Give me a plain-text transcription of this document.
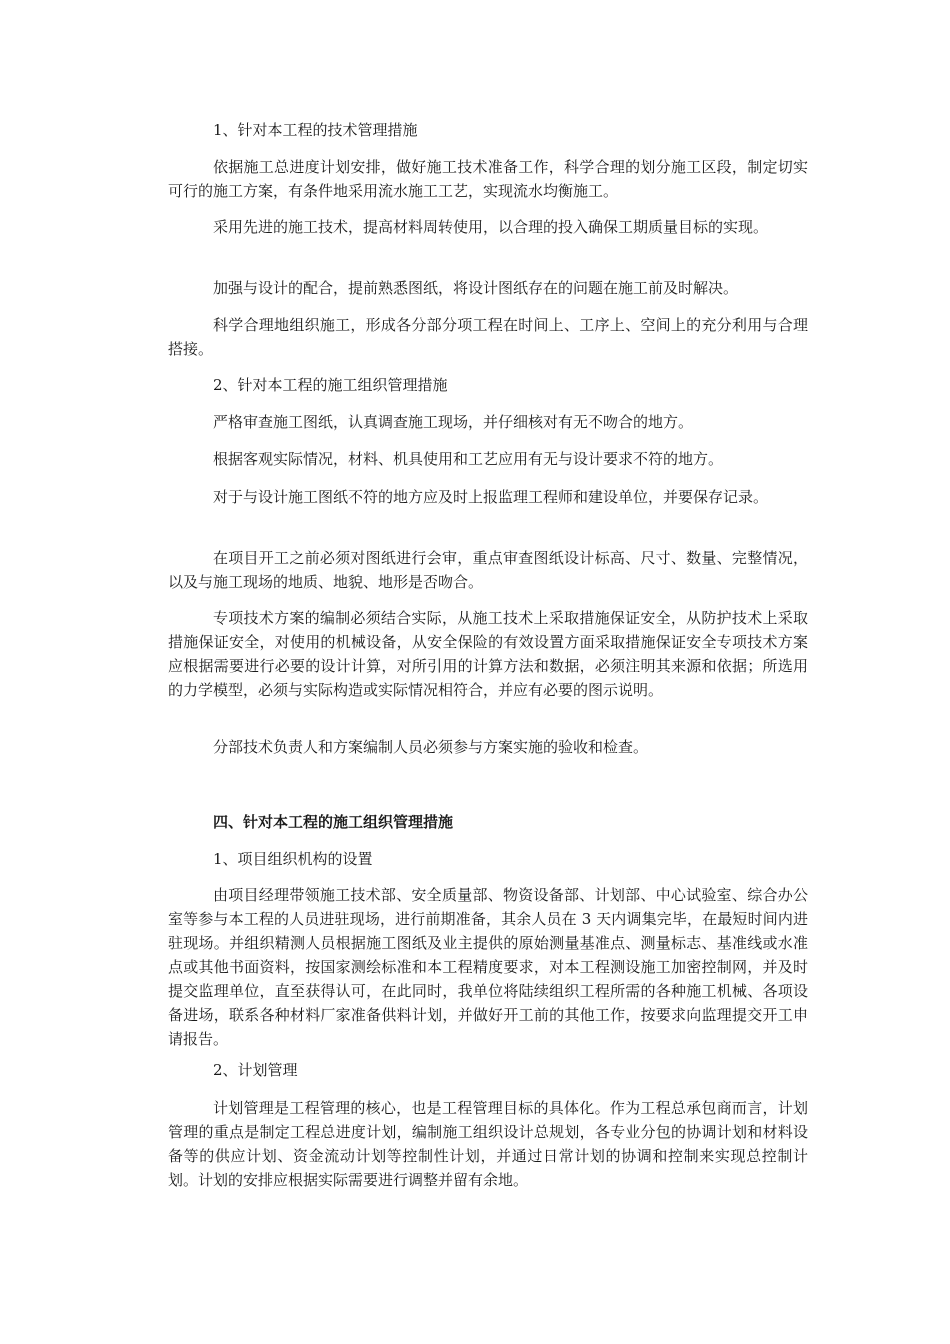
1、针对本工程的技术管理措施

依据施工总进度计划安排，做好施工技术准备工作，科学合理的划分施工区段，制定切实可行的施工方案，有条件地采用流水施工工艺，实现流水均衡施工。

采用先进的施工技术，提高材料周转使用，以合理的投入确保工期质量目标的实现。

加强与设计的配合，提前熟悉图纸，将设计图纸存在的问题在施工前及时解决。

科学合理地组织施工，形成各分部分项工程在时间上、工序上、空间上的充分利用与合理搭接。

2、针对本工程的施工组织管理措施

严格审查施工图纸，认真调查施工现场，并仔细核对有无不吻合的地方。

根据客观实际情况，材料、机具使用和工艺应用有无与设计要求不符的地方。

对于与设计施工图纸不符的地方应及时上报监理工程师和建设单位，并要保存记录。

在项目开工之前必须对图纸进行会审，重点审查图纸设计标高、尺寸、数量、完整情况，以及与施工现场的地质、地貌、地形是否吻合。

专项技术方案的编制必须结合实际，从施工技术上采取措施保证安全，从防护技术上采取措施保证安全，对使用的机械设备，从安全保险的有效设置方面采取措施保证安全专项技术方案应根据需要进行必要的设计计算，对所引用的计算方法和数据，必须注明其来源和依据；所选用的力学模型，必须与实际构造或实际情况相符合，并应有必要的图示说明。

分部技术负责人和方案编制人员必须参与方案实施的验收和检查。

四、针对本工程的施工组织管理措施

1、项目组织机构的设置

由项目经理带领施工技术部、安全质量部、物资设备部、计划部、中心试验室、综合办公室等参与本工程的人员进驻现场，进行前期准备，其余人员在 3 天内调集完毕，在最短时间内进驻现场。并组织精测人员根据施工图纸及业主提供的原始测量基准点、测量标志、基准线或水准点或其他书面资料，按国家测绘标准和本工程精度要求，对本工程测设施工加密控制网，并及时提交监理单位，直至获得认可，在此同时，我单位将陆续组织工程所需的各种施工机械、各项设备进场，联系各种材料厂家准备供料计划，并做好开工前的其他工作，按要求向监理提交开工申请报告。

2、计划管理

计划管理是工程管理的核心，也是工程管理目标的具体化。作为工程总承包商而言，计划管理的重点是制定工程总进度计划，编制施工组织设计总规划，各专业分包的协调计划和材料设备等的供应计划、资金流动计划等控制性计划，并通过日常计划的协调和控制来实现总控制计划。计划的安排应根据实际需要进行调整并留有余地。
